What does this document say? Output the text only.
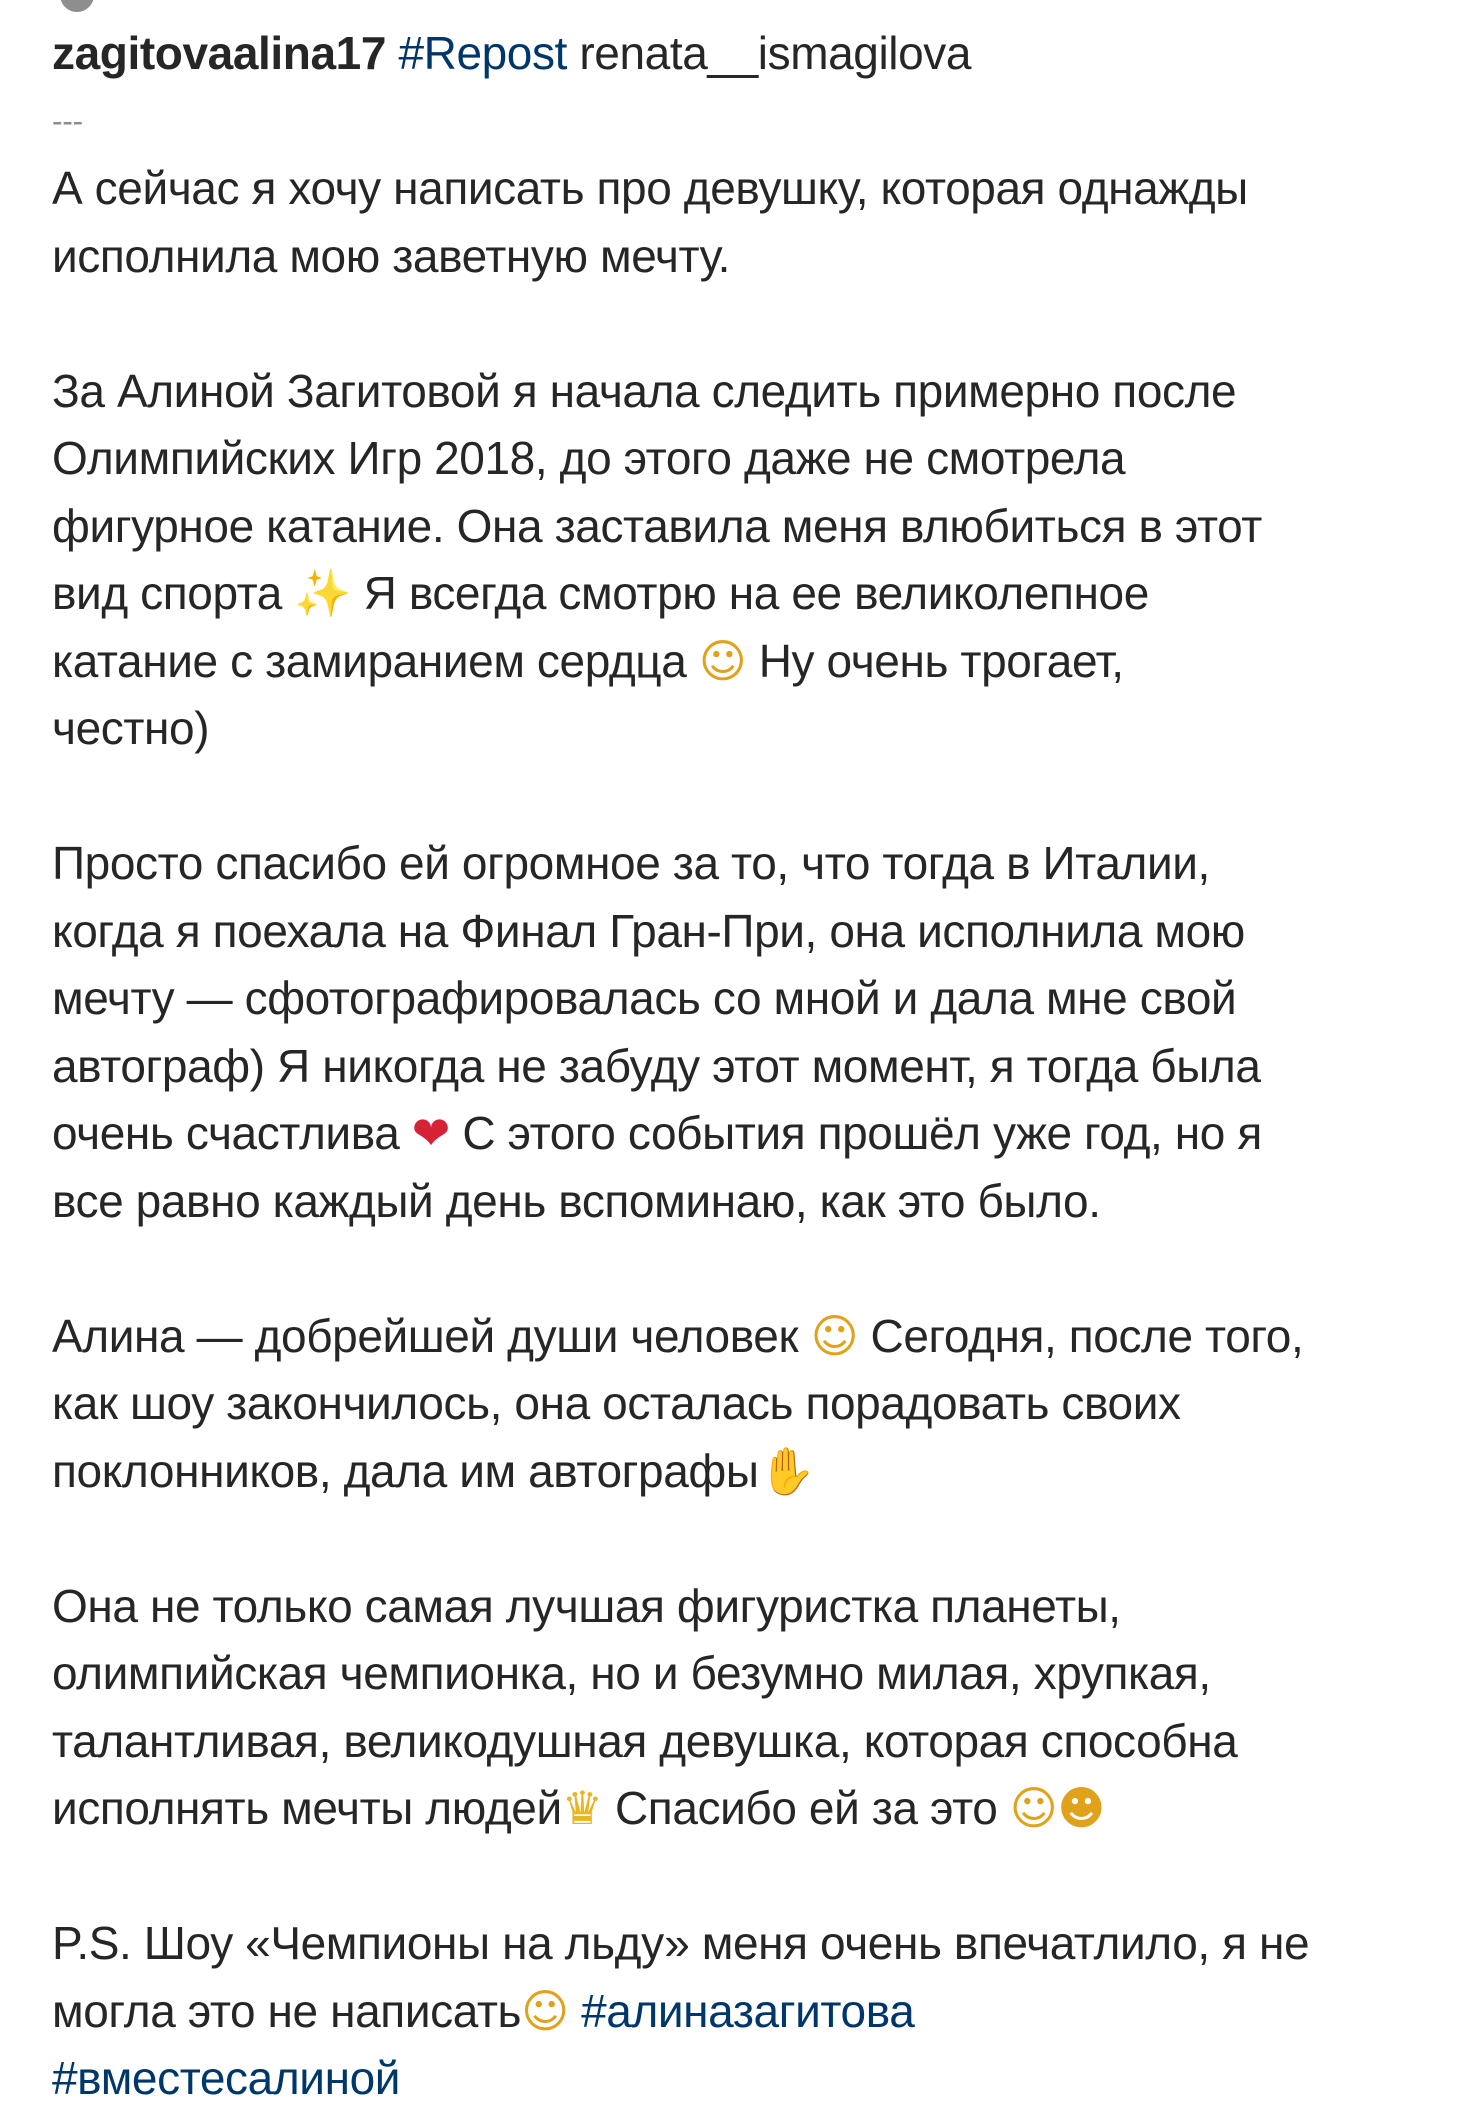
zagitovaalina17 #Repost renata__ismagilova

---

А сейчас я хочу написать про девушку, которая однажды
исполнила мою заветную мечту.

За Алиной Загитовой я начала следить примерно после
Олимпийских Игр 2018, до этого даже не смотрела
фигурное катание. Она заставила меня влюбиться в этот
вид спорта ✨ Я всегда смотрю на ее великолепное
катание с замиранием сердца ☺ Ну очень трогает,
честно)

Просто спасибо ей огромное за то, что тогда в Италии,
когда я поехала на Финал Гран-При, она исполнила мою
мечту — сфотографировалась со мной и дала мне свой
автограф) Я никогда не забуду этот момент, я тогда была
очень счастлива ❤ С этого события прошёл уже год, но я
все равно каждый день вспоминаю, как это было.

Алина — добрейшей души человек ☺ Сегодня, после того,
как шоу закончилось, она осталась порадовать своих
поклонников, дала им автографы✋

Она не только самая лучшая фигуристка планеты,
олимпийская чемпионка, но и безумно милая, хрупкая,
талантливая, великодушная девушка, которая способна
исполнять мечты людей♛ Спасибо ей за это ☺☻

P.S. Шоу «Чемпионы на льду» меня очень впечатлило, я не
могла это не написать☺ #алиназагитова
#вместесалиной
